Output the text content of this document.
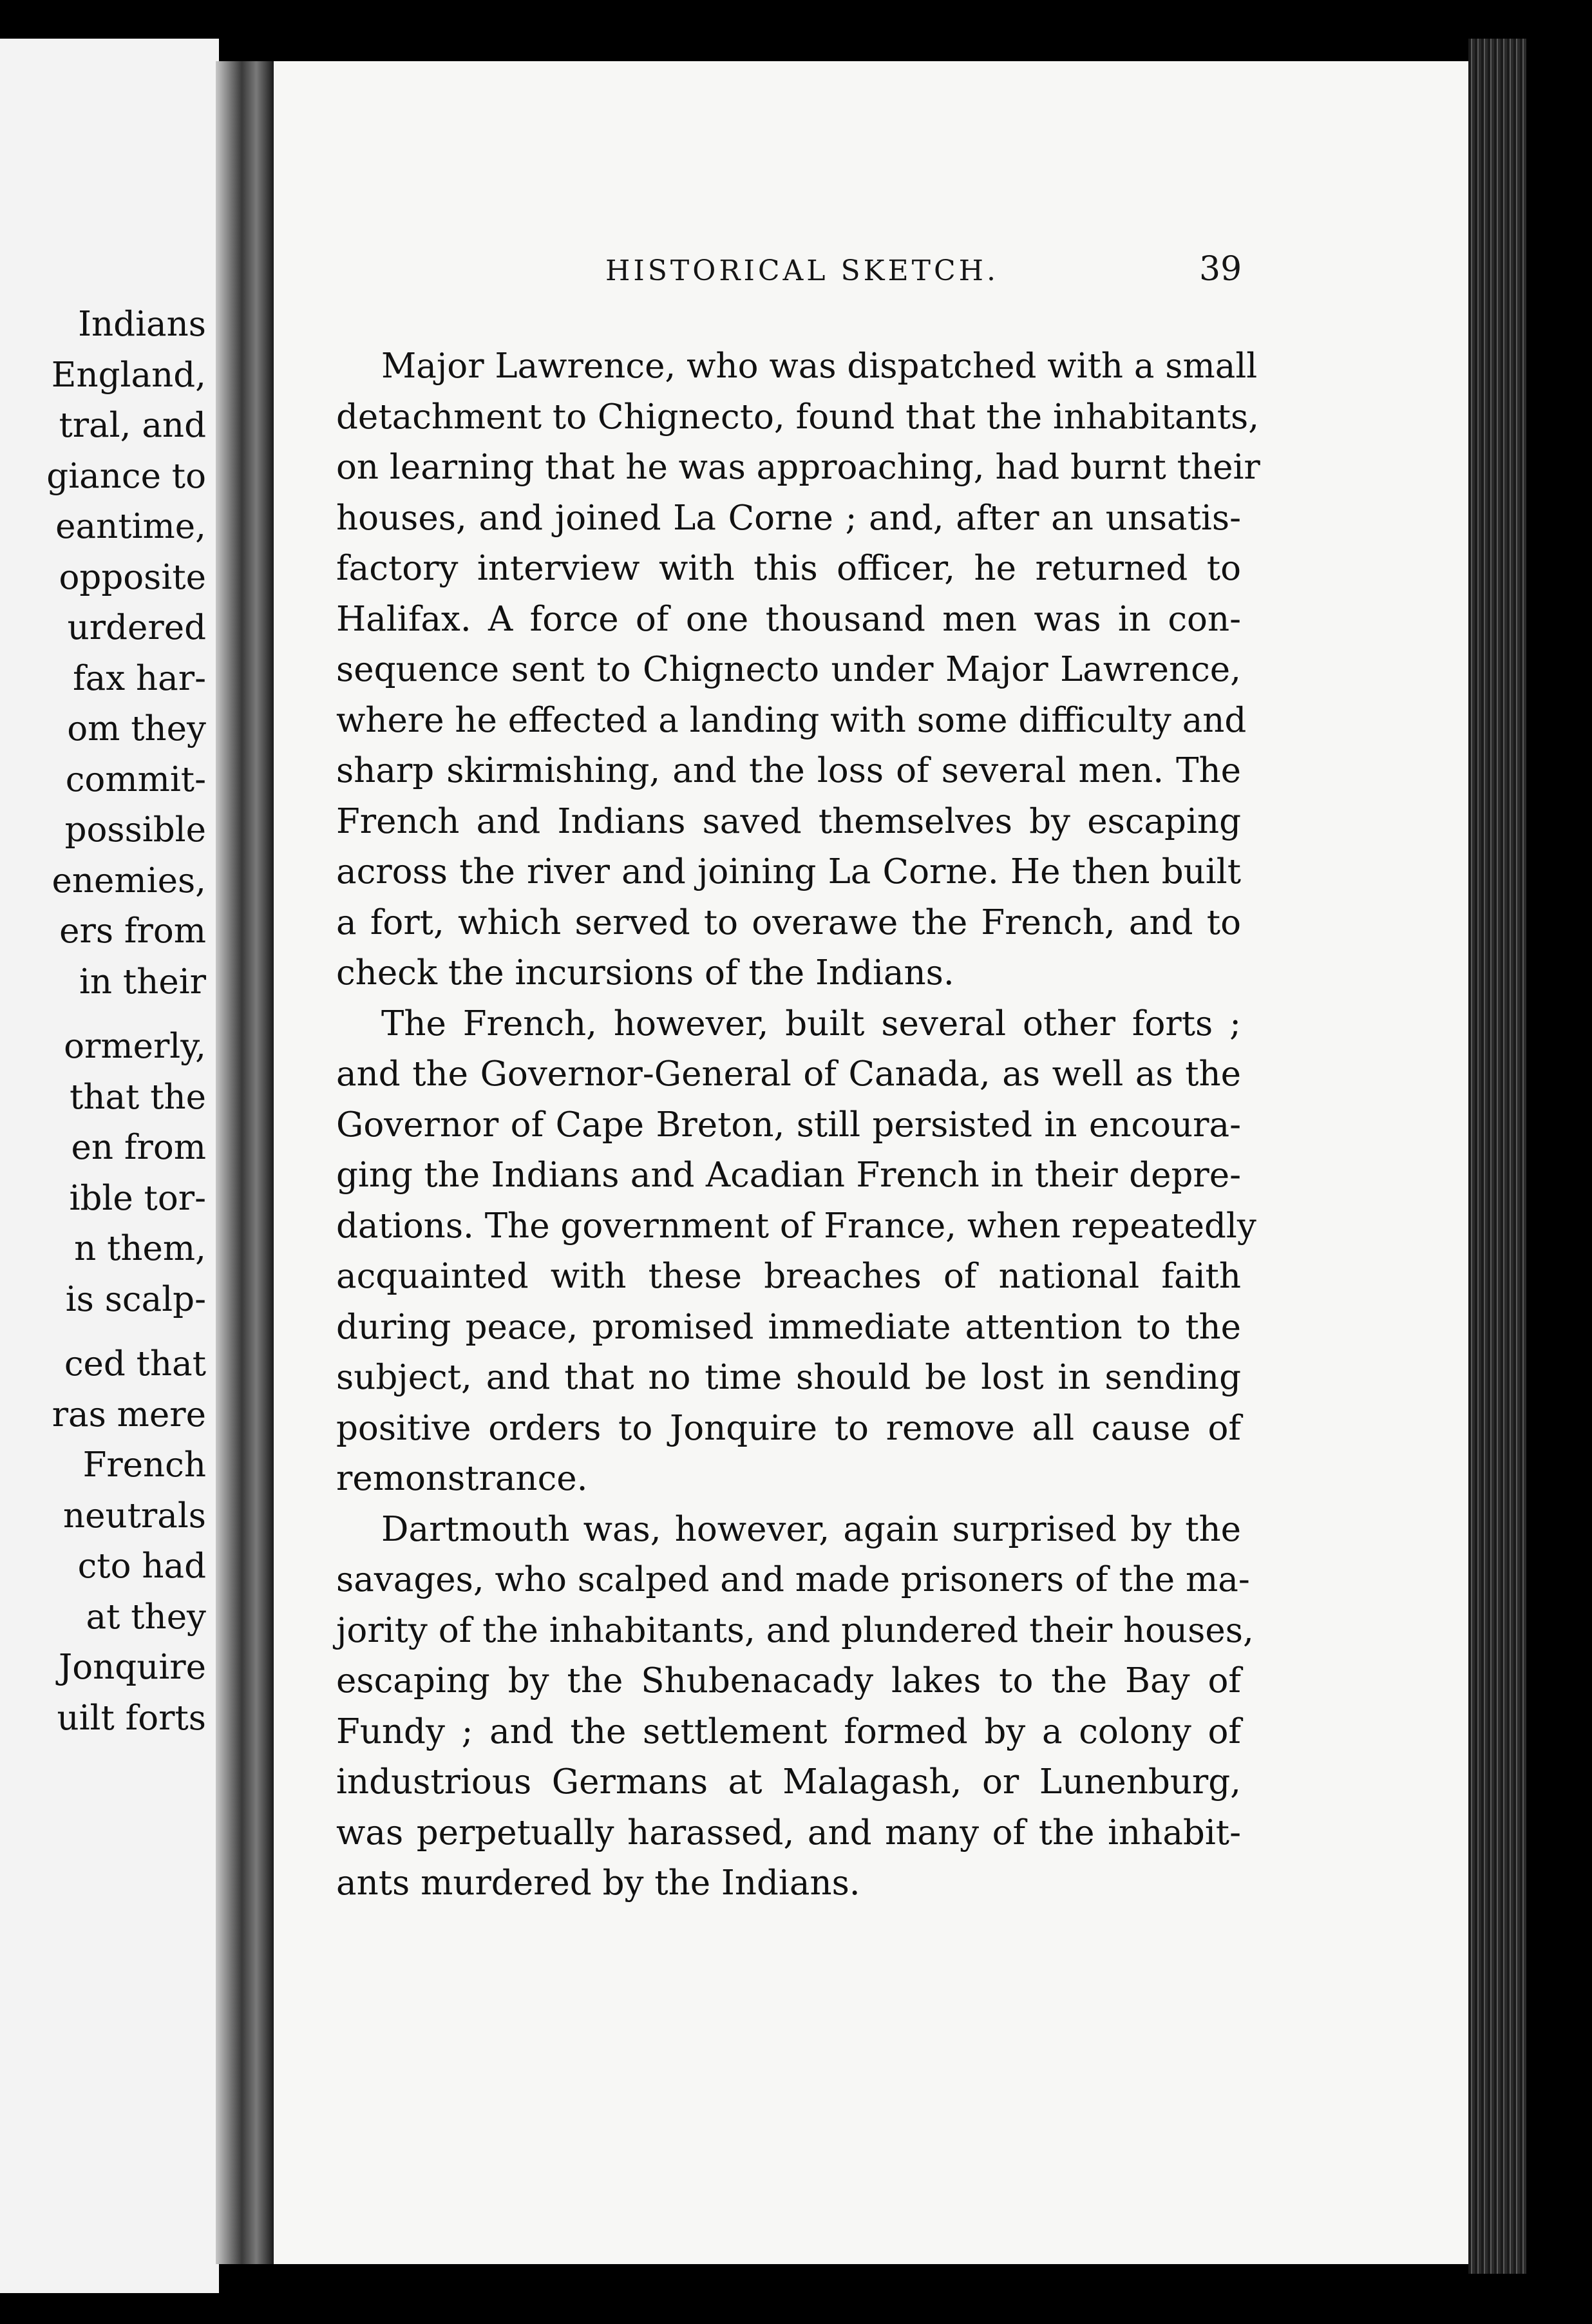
Indians
England,
tral, and
giance to
eantime,
opposite
urdered
fax har-
om they
commit-
possible
enemies,
ers from
in their
ormerly,
that the
en from
ible tor-
n them,
is scalp-
ced that
ras mere
French
neutrals
cto had
at they
Jonquire
uilt forts
HISTORICAL SKETCH.	39
Major Lawrence, who was dispatched with a small
detachment to Chignecto, found that the inhabitants,
on learning that he was approaching, had burnt their
houses, and joined La Corne ; and, after an unsatis-
factory interview with this officer, he returned to
Halifax. A force of one thousand men was in con-
sequence sent to Chignecto under Major Lawrence,
where he effected a landing with some difficulty and
sharp skirmishing, and the loss of several men. The
French and Indians saved themselves by escaping
across the river and joining La Corne. He then built
a fort, which served to overawe the French, and to
check the incursions of the Indians.
The French, however, built several other forts ;
and the Governor-General of Canada, as well as the
Governor of Cape Breton, still persisted in encoura-
ging the Indians and Acadian French in their depre-
dations. The government of France, when repeatedly
acquainted with these breaches of national faith
during peace, promised immediate attention to the
subject, and that no time should be lost in sending
positive orders to Jonquire to remove all cause of
remonstrance.
Dartmouth was, however, again surprised by the
savages, who scalped and made prisoners of the ma-
jority of the inhabitants, and plundered their houses,
escaping by the Shubenacady lakes to the Bay of
Fundy ; and the settlement formed by a colony of
industrious Germans at Malagash, or Lunenburg,
was perpetually harassed, and many of the inhabit-
ants murdered by the Indians.
